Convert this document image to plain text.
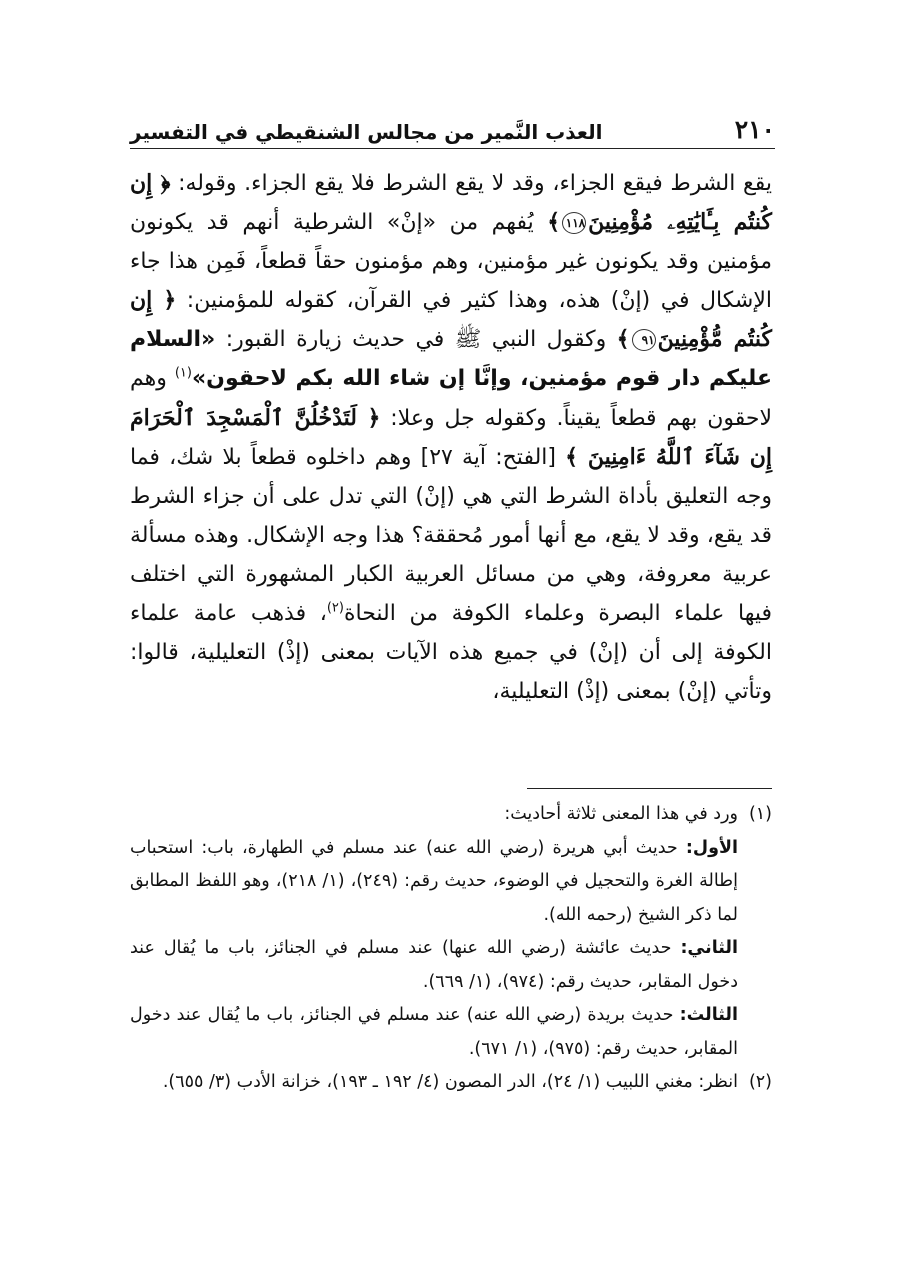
٢١٠
العذب النَّمير من مجالس الشنقيطي في التفسير

يقع الشرط فيقع الجزاء، وقد لا يقع الشرط فلا يقع الجزاء. وقوله: ﴿ إِن كُنتُم بِـَٔايَٰتِهِۦ مُؤْمِنِينَ١١٨﴾ يُفهم من «إنْ» الشرطية أنهم قد يكونون مؤمنين وقد يكونون غير مؤمنين، وهم مؤمنون حقاً قطعاً، فَمِن هذا جاء الإشكال في (إنْ) هذه، وهذا كثير في القرآن، كقوله للمؤمنين: ﴿ إِن كُنتُم مُّؤْمِنِينَ٩١﴾ وكقول النبي ﷺ في حديث زيارة القبور: «السلام عليكم دار قوم مؤمنين، وإنَّا إن شاء الله بكم لاحقون»$^{(١)}$ وهم لاحقون بهم قطعاً يقيناً. وكقوله جل وعلا: ﴿ لَتَدْخُلُنَّ ٱلْمَسْجِدَ ٱلْحَرَامَ إِن شَآءَ ٱللَّهُ ءَامِنِينَ ﴾ [الفتح: آية ٢٧] وهم داخلوه قطعاً بلا شك، فما وجه التعليق بأداة الشرط التي هي (إنْ) التي تدل على أن جزاء الشرط قد يقع، وقد لا يقع، مع أنها أمور مُحققة؟ هذا وجه الإشكال. وهذه مسألة عربية معروفة، وهي من مسائل العربية الكبار المشهورة التي اختلف فيها علماء البصرة وعلماء الكوفة من النحاة$^{(٢)}$، فذهب عامة علماء الكوفة إلى أن (إنْ) في جميع هذه الآيات بمعنى (إذْ) التعليلية، قالوا: وتأتي (إنْ) بمعنى (إذْ) التعليلية،

(١)

ورد في هذا المعنى ثلاثة أحاديث:

الأول: حديث أبي هريرة (رضي الله عنه) عند مسلم في الطهارة، باب: استحباب إطالة الغرة والتحجيل في الوضوء، حديث رقم: (٢٤٩)، (١/ ٢١٨)، وهو اللفظ المطابق لما ذكر الشيخ (رحمه الله).

الثاني: حديث عائشة (رضي الله عنها) عند مسلم في الجنائز، باب ما يُقال عند دخول المقابر، حديث رقم: (٩٧٤)، (١/ ٦٦٩).

الثالث: حديث بريدة (رضي الله عنه) عند مسلم في الجنائز، باب ما يُقال عند دخول المقابر، حديث رقم: (٩٧٥)، (١/ ٦٧١).

(٢)

انظر: مغني اللبيب (١/ ٢٤)، الدر المصون (٤/ ١٩٢ ـ ١٩٣)، خزانة الأدب (٣/ ٦٥٥).
